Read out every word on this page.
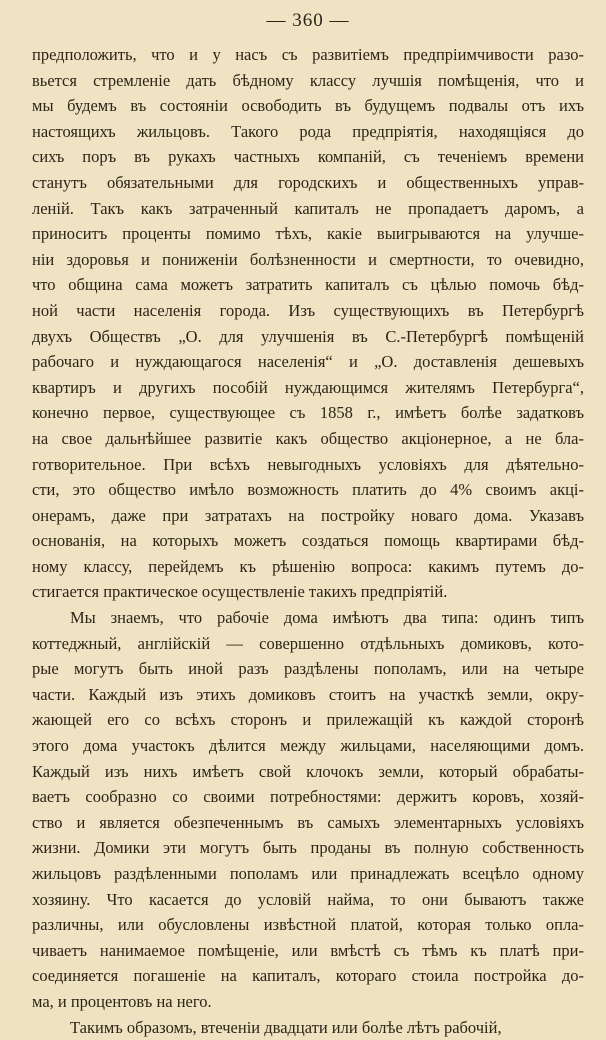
— 360 —
предположить, что и у насъ съ развитіемъ предпріимчивости разо-
вьется стремленіе дать бѣдному классу лучшія помѣщенія, что и
мы будемъ въ состояніи освободить въ будущемъ подвалы отъ ихъ
настоящихъ жильцовъ. Такого рода предпріятія, находящіяся до
сихъ поръ въ рукахъ частныхъ компаній, съ теченіемъ времени
станутъ обязательными для городскихъ и общественныхъ управ-
леній. Такъ какъ затраченный капиталъ не пропадаетъ даромъ, а
приноситъ проценты помимо тѣхъ, какіе выигрываются на улучше-
ніи здоровья и пониженіи болѣзненности и смертности, то очевидно,
что община сама можетъ затратить капиталъ съ цѣлью помочь бѣд-
ной части населенія города. Изъ существующихъ въ Петербургѣ
двухъ Обществъ „О. для улучшенія въ С.-Петербургѣ помѣщеній
рабочаго и нуждающагося населенія“ и „О. доставленія дешевыхъ
квартиръ и другихъ пособій нуждающимся жителямъ Петербурга“,
конечно первое, существующее съ 1858 г., имѣетъ болѣе задатковъ
на свое дальнѣйшее развитіе какъ общество акціонерное, а не бла-
готворительное. При всѣхъ невыгодныхъ условіяхъ для дѣятельно-
сти, это общество имѣло возможность платить до 4% своимъ акці-
онерамъ, даже при затратахъ на постройку новаго дома. Указавъ
основанія, на которыхъ можетъ создаться помощь квартирами бѣд-
ному классу, перейдемъ къ рѣшенію вопроса: какимъ путемъ до-
стигается практическое осуществленіе такихъ предпріятій.
Мы знаемъ, что рабочіе дома имѣютъ два типа: одинъ типъ
коттеджный, англійскій — совершенно отдѣльныхъ домиковъ, кото-
рые могутъ быть иной разъ раздѣлены пополамъ, или на четыре
части. Каждый изъ этихъ домиковъ стоитъ на участкѣ земли, окру-
жающей его со всѣхъ сторонъ и прилежащій къ каждой сторонѣ
этого дома участокъ дѣлится между жильцами, населяющими домъ.
Каждый изъ нихъ имѣетъ свой клочокъ земли, который обрабаты-
ваетъ сообразно со своими потребностями: держитъ коровъ, хозяй-
ство и является обезпеченнымъ въ самыхъ элементарныхъ условіяхъ
жизни. Домики эти могутъ быть проданы въ полную собственность
жильцовъ раздѣленными пополамъ или принадлежать всецѣло одному
хозяину. Что касается до условій найма, то они бываютъ также
различны, или обусловлены извѣстной платой, которая только опла-
чиваетъ нанимаемое помѣщеніе, или вмѣстѣ съ тѣмъ къ платѣ при-
соединяется погашеніе на капиталъ, котораго стоила постройка до-
ма, и процентовъ на него.
Такимъ образомъ, втеченіи двадцати или болѣе лѣтъ рабочій,
